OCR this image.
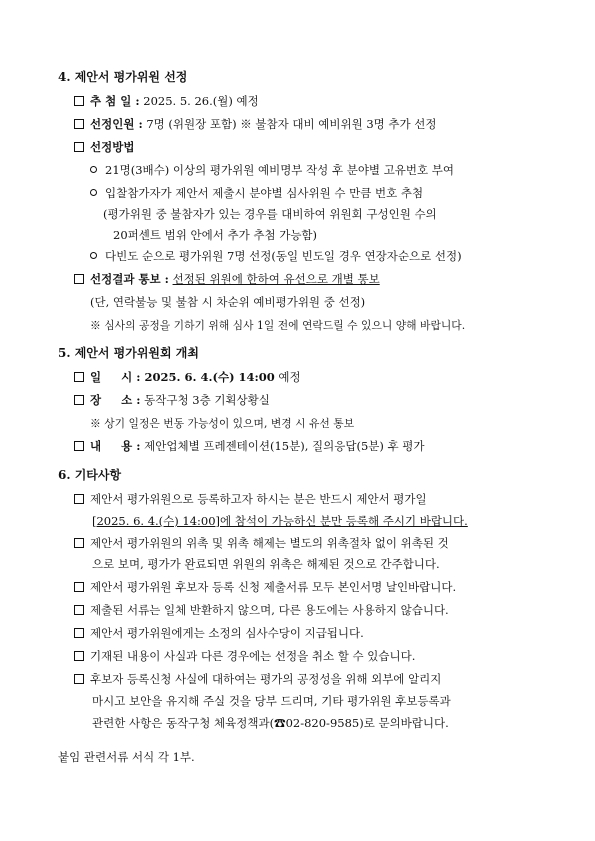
4. 제안서 평가위원 선정
추 첨 일 : 2025. 5. 26.(월) 예정
선정인원 : 7명 (위원장 포함) ※ 불참자 대비 예비위원 3명 추가 선정
선정방법
21명(3배수) 이상의 평가위원 예비명부 작성 후 분야별 고유번호 부여
입찰참가자가 제안서 제출시 분야별 심사위원 수 만큼 번호 추첨
(평가위원 중 불참자가 있는 경우를 대비하여 위원회 구성인원 수의
20퍼센트 범위 안에서 추가 추첨 가능함)
다빈도 순으로 평가위원 7명 선정(동일 빈도일 경우 연장자순으로 선정)
선정결과 통보 : 선정된 위원에 한하여 유선으로 개별 통보
(단, 연락불능 및 불참 시 차순위 예비평가위원 중 선정)
※ 심사의 공정을 기하기 위해 심사 1일 전에 연락드릴 수 있으니 양해 바랍니다.
5. 제안서 평가위원회 개최
일     시 : 2025. 6. 4.(수) 14:00 예정
장     소 : 동작구청 3층 기획상황실
※ 상기 일정은 번동 가능성이 있으며, 변경 시 유선 통보
내     용 : 제안업체별 프레젠테이션(15분), 질의응답(5분) 후 평가
6. 기타사항
제안서 평가위원으로 등록하고자 하시는 분은 반드시 제안서 평가일
[2025. 6. 4.(수) 14:00]에 참석이 가능하신 분만 등록해 주시기 바랍니다.
제안서 평가위원의 위촉 및 위촉 해제는 별도의 위촉절차 없이 위촉된 것
으로 보며, 평가가 완료되면 위원의 위촉은 해제된 것으로 간주합니다.
제안서 평가위원 후보자 등록 신청 제출서류 모두 본인서명 날인바랍니다.
제출된 서류는 일체 반환하지 않으며, 다른 용도에는 사용하지 않습니다.
제안서 평가위원에게는 소정의 심사수당이 지급됩니다.
기재된 내용이 사실과 다른 경우에는 선정을 취소 할 수 있습니다.
후보자 등록신청 사실에 대하여는 평가의 공정성을 위해 외부에 알리지
마시고 보안을 유지해 주실 것을 당부 드리며, 기타 평가위원 후보등록과
관련한 사항은 동작구청 체육정책과(☎02-820-9585)로 문의바랍니다.
붙임 관련서류 서식 각 1부.
